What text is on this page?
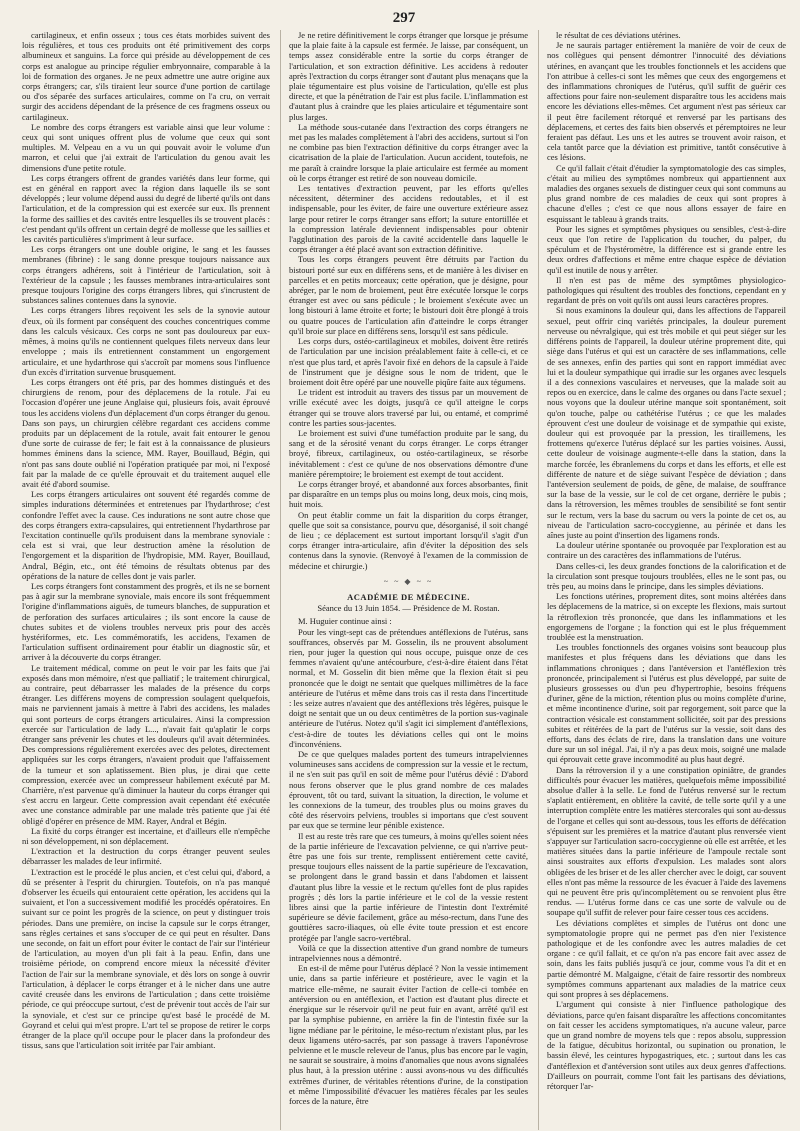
297

cartilagineux, et enfin osseux ; tous ces états morbides suivent des lois régulières, et tous ces produits ont été primitivement des corps albumineux et sanguins. La force qui préside au développement de ces corps est analogue au principe régulier embryonnaire, comparable à la loi de formation des organes. Je ne peux admettre une autre origine aux corps étrangers; car, s'ils tiraient leur source d'une portion de cartilage ou d'os séparée des surfaces articulaires, comme on l'a cru, on verrait surgir des accidens dépendant de la présence de ces fragmens osseux ou cartilagineux.

Le nombre des corps étrangers est variable ainsi que leur volume : ceux qui sont uniques offrent plus de volume que ceux qui sont multiples. M. Velpeau en a vu un qui pouvait avoir le volume d'un marron, et celui que j'ai extrait de l'articulation du genou avait les dimensions d'une petite rotule.

Les corps étrangers offrent de grandes variétés dans leur forme, qui est en général en rapport avec la région dans laquelle ils se sont développés ; leur volume dépend aussi du degré de liberté qu'ils ont dans l'articulation, et de la compression qui est exercée sur eux. Ils prennent la forme des saillies et des cavités entre lesquelles ils se trouvent placés : c'est pendant qu'ils offrent un certain degré de mollesse que les saillies et les cavités particulières s'impriment à leur surface.

Les corps étrangers ont une double origine, le sang et les fausses membranes (fibrine) : le sang donne presque toujours naissance aux corps étrangers adhérens, soit à l'intérieur de l'articulation, soit à l'extérieur de la capsule ; les fausses membranes intra-articulaires sont presque toujours l'origine des corps étrangers libres, qui s'incrustent de substances salines contenues dans la synovie.

Les corps étrangers libres reçoivent les sels de la synovie autour d'eux, où ils forment par conséquent des couches concentriques comme dans les calculs vésicaux. Ces corps ne sont pas douloureux par eux-mêmes, à moins qu'ils ne contiennent quelques filets nerveux dans leur enveloppe ; mais ils entretiennent constamment un engorgement articulaire, et une hydarthrose qui s'accroît par momens sous l'influence d'un excès d'irritation survenue brusquement.

Les corps étrangers ont été pris, par des hommes distingués et des chirurgiens de renom, pour des déplacemens de la rotule. J'ai eu l'occasion d'opérer une jeune Anglaise qui, plusieurs fois, avait éprouvé tous les accidens violens d'un déplacement d'un corps étranger du genou. Dans son pays, un chirurgien célèbre regardant ces accidens comme produits par un déplacement de la rotule, avait fait entourer le genou d'une sorte de cuirasse de fer; le fait est à la connaissance de plusieurs hommes éminens dans la science, MM. Rayer, Bouillaud, Bégin, qui n'ont pas sans doute oublié ni l'opération pratiquée par moi, ni l'exposé fait par la malade de ce qu'elle éprouvait et du traitement auquel elle avait été d'abord soumise.

Les corps étrangers articulaires ont souvent été regardés comme de simples indurations déterminées et entretenues par l'hydarthrose; c'est confondre l'effet avec la cause. Ces indurations ne sont autre chose que des corps étrangers extra-capsulaires, qui entretiennent l'hydarthrose par l'excitation continuelle qu'ils produisent dans la membrane synoviale : cela est si vrai, que leur destruction amène la résolution de l'engorgement et la disparition de l'hydropisie, MM. Rayer, Bouillaud, Andral, Bégin, etc., ont été témoins de résultats obtenus par des opérations de la nature de celles dont je vais parler.

Les corps étrangers font constamment des progrès, et ils ne se bornent pas à agir sur la membrane synoviale, mais encore ils sont fréquemment l'origine d'inflammations aiguës, de tumeurs blanches, de suppuration et de perforation des surfaces articulaires ; ils sont encore la cause de chutes subites et de violens troubles nerveux pris pour des accès hystériformes, etc. Les commémoratifs, les accidens, l'examen de l'articulation suffisent ordinairement pour établir un diagnostic sûr, et arriver à la découverte du corps étranger.

Le traitement médical, comme on peut le voir par les faits que j'ai exposés dans mon mémoire, n'est que palliatif ; le traitement chirurgical, au contraire, peut débarrasser les malades de la présence du corps étranger. Les différens moyens de compression soulagent quelquefois, mais ne parviennent jamais à mettre à l'abri des accidens, les malades qui sont porteurs de corps étrangers articulaires. Ainsi la compression exercée sur l'articulation de lady L..., n'avait fait qu'aplatir le corps étranger sans prévenir les chutes et les douleurs qu'il avait déterminées. Des compressions régulièrement exercées avec des pelotes, directement appliquées sur les corps étrangers, n'avaient produit que l'affaissement de la tumeur et son aplatissement. Bien plus, je dirai que cette compression, exercée avec un compresseur habilement exécuté par M. Charrière, n'est parvenue qu'à diminuer la hauteur du corps étranger qui s'est accru en largeur. Cette compression avait cependant été exécutée avec une constance admirable par une malade très patiente que j'ai été obligé d'opérer en présence de MM. Rayer, Andral et Bégin.

La fixité du corps étranger est incertaine, et d'ailleurs elle n'empêche ni son développement, ni son déplacement.

L'extraction et la destruction du corps étranger peuvent seules débarrasser les malades de leur infirmité.

L'extraction est le procédé le plus ancien, et c'est celui qui, d'abord, a dû se présenter à l'esprit du chirurgien. Toutefois, on n'a pas manqué d'observer les écueils qui entouraient cette opération, les accidens qui la suivaient, et l'on a successivement modifié les procédés opératoires. En suivant sur ce point les progrès de la science, on peut y distinguer trois périodes. Dans une première, on incise la capsule sur le corps étranger, sans règles certaines et sans s'occuper de ce qui peut en résulter. Dans une seconde, on fait un effort pour éviter le contact de l'air sur l'intérieur de l'articulation, au moyen d'un pli fait à la peau. Enfin, dans une troisième période, on comprend encore mieux la nécessité d'éviter l'action de l'air sur la membrane synoviale, et dès lors on songe à ouvrir l'articulation, à déplacer le corps étranger et à le nicher dans une autre cavité creusée dans les environs de l'articulation ; dans cette troisième période, ce qui préoccupe surtout, c'est de prévenir tout accès de l'air sur la synoviale, et c'est sur ce principe qu'est basé le procédé de M. Goyrand et celui qui m'est propre. L'art tel se propose de retirer le corps étranger de la place qu'il occupe pour le placer dans la profondeur des tissus, sans que l'articulation soit irritée par l'air ambiant.

Je ne retire définitivement le corps étranger que lorsque je présume que la plaie faite à la capsule est fermée. Je laisse, par conséquent, un temps assez considérable entre la sortie du corps étranger de l'articulation, et son extraction définitive. Les accidens à redouter après l'extraction du corps étranger sont d'autant plus menaçans que la plaie tégumentaire est plus voisine de l'articulation, qu'elle est plus directe, et que la pénétration de l'air est plus facile. L'inflammation est d'autant plus à craindre que les plaies articulaire et tégumentaire sont plus larges.

La méthode sous-cutanée dans l'extraction des corps étrangers ne met pas les malades complètement à l'abri des accidens, surtout si l'on ne combine pas bien l'extraction définitive du corps étranger avec la cicatrisation de la plaie de l'articulation. Aucun accident, toutefois, ne me paraît à craindre lorsque la plaie articulaire est fermée au moment où le corps étranger est retiré de son nouveau domicile.

Les tentatives d'extraction peuvent, par les efforts qu'elles nécessitent, déterminer des accidens redoutables, et il est indispensable, pour les éviter, de faire une ouverture extérieure assez large pour retirer le corps étranger sans effort; la suture entortillée et la compression latérale deviennent indispensables pour obtenir l'agglutination des parois de la cavité accidentelle dans laquelle le corps étranger a été placé avant son extraction définitive.

Tous les corps étrangers peuvent être détruits par l'action du bistouri porté sur eux en différens sens, et de manière à les diviser en parcelles et en petits morceaux; cette opération, que je désigne, pour abréger, par le nom de broiement, peut être exécutée lorsque le corps étranger est avec ou sans pédicule ; le broiement s'exécute avec un long bistouri à lame étroite et forte; le bistouri doit être plongé à trois ou quatre pouces de l'articulation afin d'atteindre le corps étranger qu'il broie sur place en différens sens, lorsqu'il est sans pédicule.

Les corps durs, ostéo-cartilagineux et mobiles, doivent être retirés de l'articulation par une incision préalablement faite à celle-ci, et ce n'est que plus tard, et après l'avoir fixé en dehors de la capsule à l'aide de l'instrument que je désigne sous le nom de trident, que le broiement doit être opéré par une nouvelle piqûre faite aux tégumens.

Le trident est introduit au travers des tissus par un mouvement de vrille exécuté avec les doigts, jusqu'à ce qu'il atteigne le corps étranger qui se trouve alors traversé par lui, ou entamé, et comprimé contre les parties sous-jacentes.

Le broiement est suivi d'une tuméfaction produite par le sang, du sang et de la sérosité venant du corps étranger. Le corps étranger broyé, fibreux, cartilagineux, ou ostéo-cartilagineux, se résorbe inévitablement : c'est ce qu'une de nos observations démontre d'une manière péremptoire; le broiement est exempt de tout accident.

Le corps étranger broyé, et abandonné aux forces absorbantes, finit par disparaître en un temps plus ou moins long, deux mois, cinq mois, huit mois.

On peut établir comme un fait la disparition du corps étranger, quelle que soit sa consistance, pourvu que, désorganisé, il soit changé de lieu ; ce déplacement est surtout important lorsqu'il s'agit d'un corps étranger intra-articulaire, afin d'éviter la déposition des sels contenus dans la synovie. (Renvoyé à l'examen de la commission de médecine et chirurgie.)

~ ~ ◆ ~ ~
ACADÉMIE DE MÉDECINE.
Séance du 13 Juin 1854. — Présidence de M. Rostan.

M. Huguier continue ainsi :

Pour les vingt-sept cas de prétendues antéflexions de l'utérus, sans souffrances, observés par M. Gosselin, ils ne prouvent absolument rien, pour juger la question qui nous occupe, puisque onze de ces femmes n'avaient qu'une antécourbure, c'est-à-dire étaient dans l'état normal, et M. Gosselin dit bien même que la flexion était si peu prononcée que le doigt ne sentait que quelques millimètres de la face antérieure de l'utérus et même dans trois cas il resta dans l'incertitude : les seize autres n'avaient que des antéflexions très légères, puisque le doigt ne sentait que un ou deux centimètres de la portion sus-vaginale antérieure de l'utérus. Notez qu'il s'agit ici simplement d'antéflexions, c'est-à-dire de toutes les déviations celles qui ont le moins d'inconvéniens.

De ce que quelques malades portent des tumeurs intrapelviennes volumineuses sans accidens de compression sur la vessie et le rectum, il ne s'en suit pas qu'il en soit de même pour l'utérus dévié : D'abord nous ferons observer que le plus grand nombre de ces malades éprouvent, tôt ou tard, suivant la situation, la direction, le volume et les connexions de la tumeur, des troubles plus ou moins graves du côté des réservoirs pelviens, troubles si importans que c'est souvent par eux que se termine leur pénible existence.

Il est au reste très rare que ces tumeurs, à moins qu'elles soient nées de la partie inférieure de l'excavation pelvienne, ce qui n'arrive peut-être pas une fois sur trente, remplissent entièrement cette cavité, presque toujours elles naissent de la partie supérieure de l'excavation, se prolongent dans le grand bassin et dans l'abdomen et laissent d'autant plus libre la vessie et le rectum qu'elles font de plus rapides progrès ; dès lors la partie inférieure et le col de la vessie restent libres ainsi que la partie inférieure de l'intestin dont l'extrémité supérieure se dévie facilement, grâce au méso-rectum, dans l'une des gouttières sacro-iliaques, où elle évite toute pression et est encore protégée par l'angle sacro-vertébral.

Voilà ce que la dissection attentive d'un grand nombre de tumeurs intrapelviennes nous a démontré.

En est-il de même pour l'utérus déplacé ? Non la vessie intimement unie, dans sa partie inférieure et postérieure, avec le vagin et la matrice elle-même, ne saurait éviter l'action de celle-ci tombée en antéversion ou en antéflexion, et l'action est d'autant plus directe et énergique sur le réservoir qu'il ne peut fuir en avant, arrêté qu'il est par la symphise pubienne, en arrière la fin de l'intestin fixée sur la ligne médiane par le péritoine, le méso-rectum n'existant plus, par les deux ligamens utéro-sacrés, par son passage à travers l'aponévrose pelvienne et le muscle releveur de l'anus, plus bas encore par le vagin, ne saurait se soustraire, à moins d'anomalies que nous avons signalées plus haut, à la pression utérine : aussi avons-nous vu des difficultés extrêmes d'uriner, de véritables rétentions d'urine, de la constipation et même l'impossibilité d'évacuer les matières fécales par les seules forces de la nature, être

le résultat de ces déviations utérines.

Je ne saurais partager entièrement la manière de voir de ceux de nos collègues qui pensent démontrer l'innocuité des déviations utérines, en avançant que les troubles fonctionnels et les accidens que l'on attribue à celles-ci sont les mêmes que ceux des engorgemens et des inflammations chroniques de l'utérus, qu'il suffit de guérir ces affections pour faire non-seulement disparaître tous les accidens mais encore les déviations elles-mêmes. Cet argument n'est pas sérieux car il peut être facilement rétorqué et renversé par les partisans des déplacemens, et certes des faits bien observés et péremptoires ne leur feraient pas défaut. Les uns et les autres se trouvent avoir raison, et cela tantôt parce que la déviation est primitive, tantôt consécutive à ces lésions.

Ce qu'il fallait c'était d'étudier la symptomatologie des cas simples, c'était au milieu des symptômes nombreux qui appartiennent aux maladies des organes sexuels de distinguer ceux qui sont communs au plus grand nombre de ces maladies de ceux qui sont propres à chacune d'elles ; c'est ce que nous allons essayer de faire en esquissant le tableau à grands traits.

Pour les signes et symptômes physiques ou sensibles, c'est-à-dire ceux que l'on retire de l'application du toucher, du palper, du spéculum et de l'hystéromètre, la différence est si grande entre les deux ordres d'affections et même entre chaque espèce de déviation qu'il est inutile de nous y arrêter.

Il n'en est pas de même des symptômes physiologico-pathologiques qui résultent des troubles des fonctions, cependant en y regardant de près on voit qu'ils ont aussi leurs caractères propres.

Si nous examinons la douleur qui, dans les affections de l'appareil sexuel, peut offrir cinq variétés principales, la douleur purement nerveuse ou névralgique, qui est très mobile et qui peut siéger sur les différens points de l'appareil, la douleur utérine proprement dite, qui siège dans l'utérus et qui est un caractère de ses inflammations, celle de ses annexes, enfin des parties qui sont en rapport immédiat avec lui et la douleur sympathique qui irradie sur les organes avec lesquels il a des connexions vasculaires et nerveuses, que la malade soit au repos ou en exercice, dans le calme des organes ou dans l'acte sexuel ; nous voyons que la douleur utérine manque soit spontanément, soit qu'on touche, palpe ou cathétérise l'utérus ; ce que les malades éprouvent c'est une douleur de voisinage et de sympathie qui existe, douleur qui est provoquée par la pression, les tiraillemens, les frottemens qu'exerce l'utérus déplacé sur les parties voisines. Aussi, cette douleur de voisinage augmente-t-elle dans la station, dans la marche forcée, les ébranlemens du corps et dans les efforts, et elle est différente de nature et de siège suivant l'espèce de déviation ; dans l'antéversion seulement de poids, de gêne, de malaise, de souffrance sur la base de la vessie, sur le col de cet organe, derrière le pubis ; dans la rétroversion, les mêmes troubles de sensibilité se font sentir sur le rectum, vers la base du sacrum ou vers la pointe de cet os, au niveau de l'articulation sacro-coccygienne, au périnée et dans les aînes juste au point d'insertion des ligamens ronds.

La douleur utérine spontanée ou provoquée par l'exploration est au contraire un des caractères des inflammations de l'utérus.

Dans celles-ci, les deux grandes fonctions de la calorification et de la circulation sont presque toujours troublées, elles ne le sont pas, ou très peu, au moins dans le principe, dans les simples déviations.

Les fonctions utérines, proprement dites, sont moins altérées dans les déplacemens de la matrice, si on excepte les flexions, mais surtout la rétroflexion très prononcée, que dans les inflammations et les engorgemens de l'organe ; la fonction qui est le plus fréquemment troublée est la menstruation.

Les troubles fonctionnels des organes voisins sont beaucoup plus manifestes et plus fréquens dans les déviations que dans les inflammations chroniques ; dans l'antéversion et l'antéflexion très prononcée, principalement si l'utérus est plus développé, par suite de plusieurs grossesses ou d'un peu d'hypertrophie, besoins fréquens d'uriner, gêne de la miction, rétention plus ou moins complète d'urine, et même incontinence d'urine, soit par regorgement, soit parce que la contraction vésicale est constamment sollicitée, soit par des pressions subites et réitérées de la part de l'utérus sur la vessie, soit dans des efforts, dans des éclats de rire, dans la translation dans une voiture dure sur un sol inégal. J'ai, il n'y a pas deux mois, soigné une malade qui éprouvait cette grave incommodité au plus haut degré.

Dans la rétroversion il y a une constipation opiniâtre, de grandes difficultés pour évacuer les matières, quelquefois même impossibilité absolue d'aller à la selle. Le fond de l'utérus renversé sur le rectum s'aplatit entièrement, en oblitère la cavité, de telle sorte qu'il y a une interruption complète entre les matières stercorales qui sont au-dessus de l'organe et celles qui sont au-dessous, tous les efforts de défécation s'épuisent sur les premières et la matrice d'autant plus renversée vient s'appuyer sur l'articulation sacro-coccygienne où elle est arrêtée, et les matières situées dans la partie inférieure de l'ampoule rectale sont ainsi soustraites aux efforts d'expulsion. Les malades sont alors obligées de les briser et de les aller chercher avec le doigt, car souvent elles n'ont pas même la ressource de les évacuer à l'aide des lavemens qui ne peuvent être pris qu'incomplètement ou se renvoient plus être rendus. — L'utérus forme dans ce cas une sorte de valvule ou de soupape qu'il suffit de relever pour faire cesser tous ces accidens.

Les déviations complètes et simples de l'utérus ont donc une symptomatologie propre qui ne permet pas d'en nier l'existence pathologique et de les confondre avec les autres maladies de cet organe : ce qu'il fallait, et ce qu'on n'a pas encore fait avec assez de soin, dans les faits publiés jusqu'à ce jour, comme vous l'a dit et en partie démontré M. Malgaigne, c'était de faire ressortir des nombreux symptômes communs appartenant aux maladies de la matrice ceux qui sont propres à ses déplacemens.

L'argument qui consiste à nier l'influence pathologique des déviations, parce qu'en faisant disparaître les affections concomitantes on fait cesser les accidens symptomatiques, n'a aucune valeur, parce que un grand nombre de moyens tels que : repos absolu, suppression de la fatigue, décubitus horizontal, ou supination ou pronation, le bassin élevé, les ceintures hypogastriques, etc. ; surtout dans les cas d'antéflexion et d'antéversion sont utiles aux deux genres d'affections. D'ailleurs on pourrait, comme l'ont fait les partisans des déviations, rétorquer l'ar-
